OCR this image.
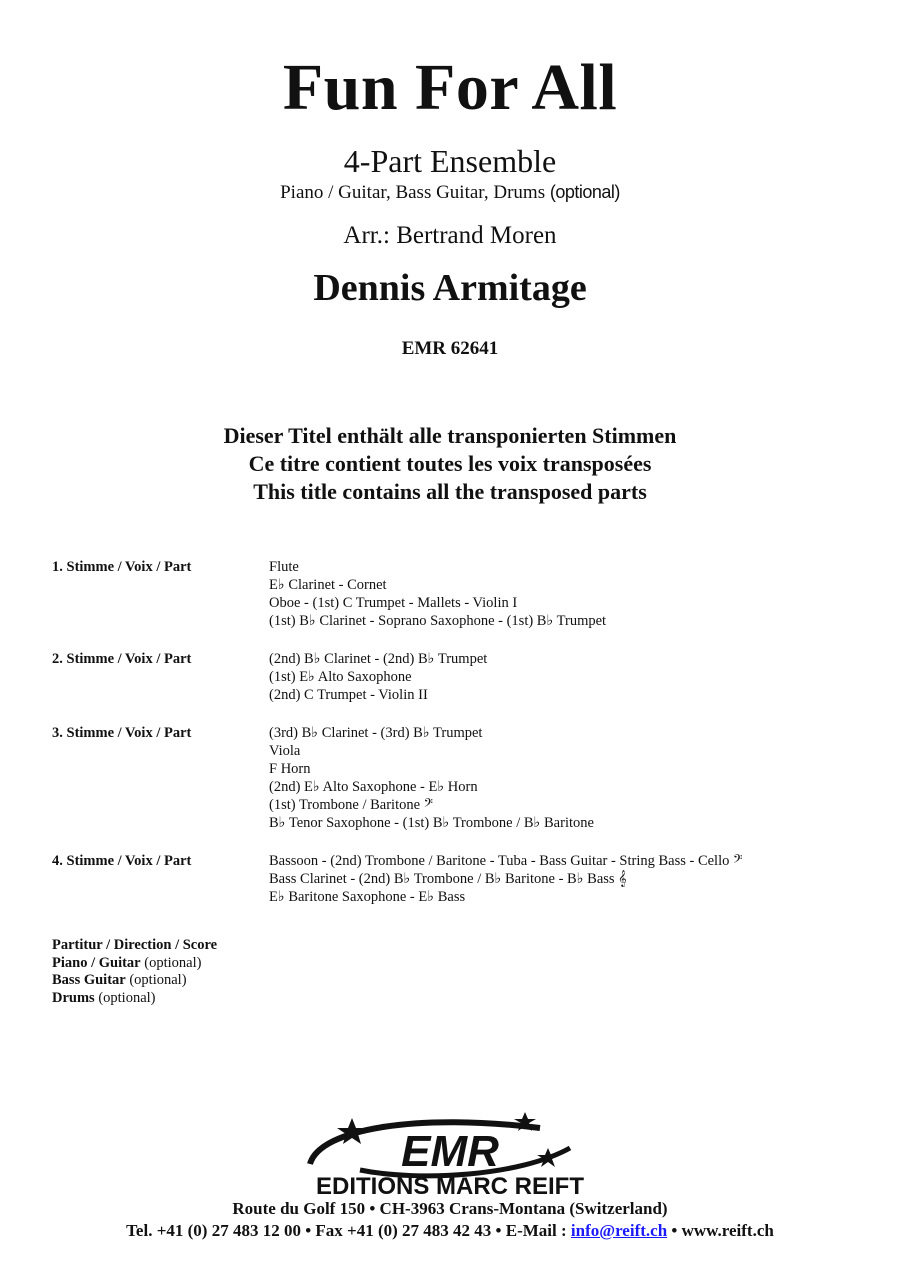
Fun For All
4-Part Ensemble
Piano / Guitar, Bass Guitar, Drums (optional)
Arr.: Bertrand Moren
Dennis Armitage
EMR 62641
Dieser Titel enthält alle transponierten Stimmen
Ce titre contient toutes les voix transposées
This title contains all the transposed parts
1. Stimme / Voix / Part	Flute
E♭ Clarinet - Cornet
Oboe - (1st) C Trumpet - Mallets - Violin I
(1st) B♭ Clarinet - Soprano Saxophone - (1st) B♭ Trumpet
2. Stimme / Voix / Part	(2nd) B♭ Clarinet - (2nd) B♭ Trumpet
(1st) E♭ Alto Saxophone
(2nd) C Trumpet - Violin II
3. Stimme / Voix / Part	(3rd) B♭ Clarinet - (3rd) B♭ Trumpet
Viola
F Horn
(2nd) E♭ Alto Saxophone - E♭ Horn
(1st) Trombone / Baritone 𝄢
B♭ Tenor Saxophone - (1st) B♭ Trombone / B♭ Baritone
4. Stimme / Voix / Part	Bassoon - (2nd) Trombone / Baritone - Tuba - Bass Guitar - String Bass - Cello 𝄢
Bass Clarinet - (2nd) B♭ Trombone / B♭ Baritone - B♭ Bass 𝄞
E♭ Baritone Saxophone - E♭ Bass
Partitur / Direction / Score
Piano / Guitar (optional)
Bass Guitar (optional)
Drums (optional)
EMR
EDITIONS MARC REIFT
Route du Golf 150 • CH-3963 Crans-Montana (Switzerland)
Tel. +41 (0) 27 483 12 00 • Fax +41 (0) 27 483 42 43 • E-Mail : info@reift.ch • www.reift.ch
